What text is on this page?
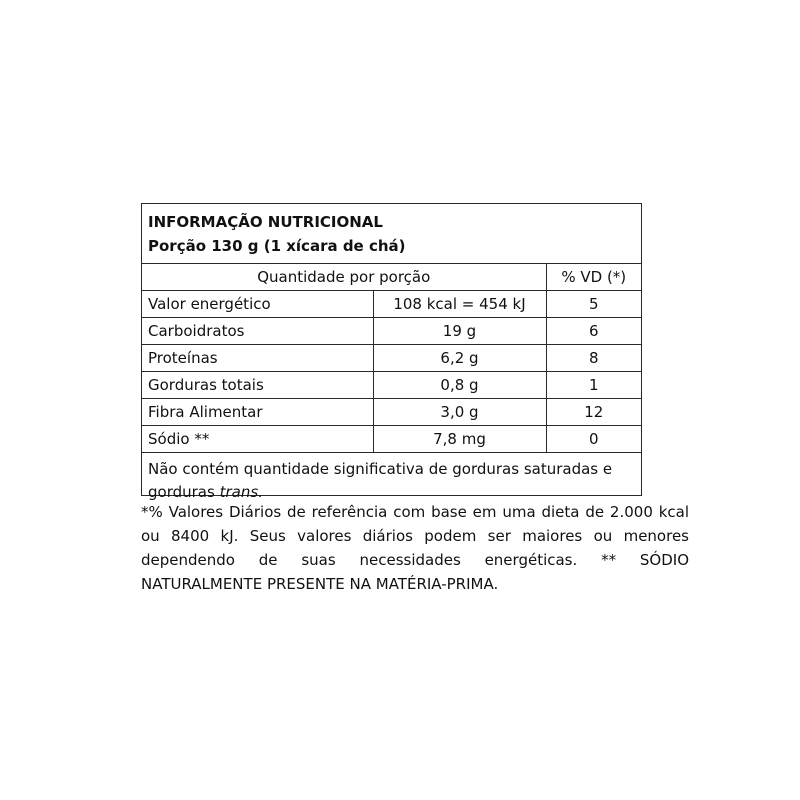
INFORMAÇÃO NUTRICIONAL
Porção 130 g (1 xícara de chá)
Quantidade por porção		% VD (*)
Valor energético	108 kcal = 454 kJ	5
Carboidratos	19 g	6
Proteínas	6,2 g	8
Gorduras totais	0,8 g	1
Fibra Alimentar	3,0 g	12
Sódio **	7,8 mg	0
Não contém quantidade significativa de gorduras saturadas e gorduras trans.
*% Valores Diários de referência com base em uma dieta de 2.000 kcal ou 8400 kJ. Seus valores diários podem ser maiores ou menores dependendo de suas necessidades energéticas. ** SÓDIO NATURALMENTE PRESENTE NA MATÉRIA-PRIMA.
